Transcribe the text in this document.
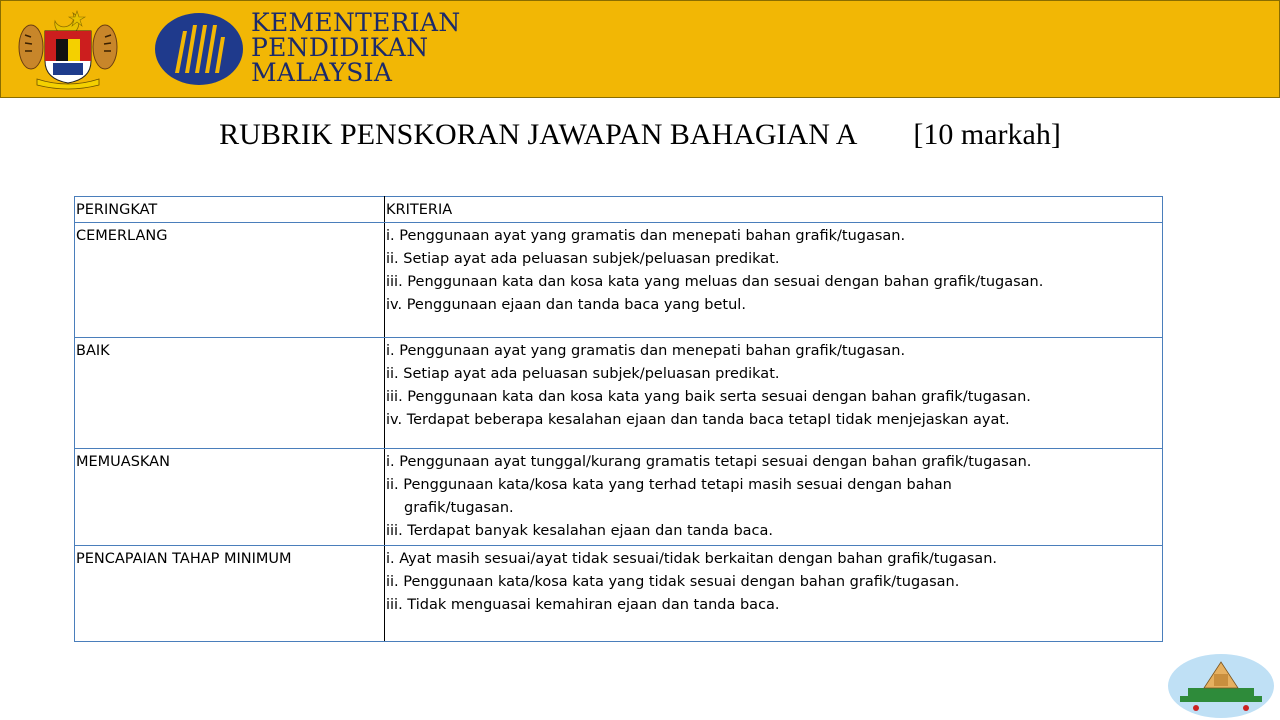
KEMENTERIAN
PENDIDIKAN
MALAYSIA
RUBRIK PENSKORAN JAWAPAN BAHAGIAN A [10 markah]
PERINGKAT	KRITERIA
CEMERLANG	i. Penggunaan ayat yang gramatis dan menepati bahan grafik/tugasan.
ii. Setiap ayat ada peluasan subjek/peluasan predikat.
iii. Penggunaan kata dan kosa kata yang meluas dan sesuai dengan bahan grafik/tugasan.
iv. Penggunaan ejaan dan tanda baca yang betul.

BAIK	i. Penggunaan ayat yang gramatis dan menepati bahan grafik/tugasan.
ii. Setiap ayat ada peluasan subjek/peluasan predikat.
iii. Penggunaan kata dan kosa kata yang baik serta sesuai dengan bahan grafik/tugasan.
iv. Terdapat beberapa kesalahan ejaan dan tanda baca tetapI tidak menjejaskan ayat.

MEMUASKAN	i. Penggunaan ayat tunggal/kurang gramatis tetapi sesuai dengan bahan grafik/tugasan.
ii. Penggunaan kata/kosa kata yang terhad tetapi masih sesuai dengan bahan
grafik/tugasan.
iii. Terdapat banyak kesalahan ejaan dan tanda baca.

PENCAPAIAN TAHAP MINIMUM	i. Ayat masih sesuai/ayat tidak sesuai/tidak berkaitan dengan bahan grafik/tugasan.
ii. Penggunaan kata/kosa kata yang tidak sesuai dengan bahan grafik/tugasan.
iii. Tidak menguasai kemahiran ejaan dan tanda baca.
